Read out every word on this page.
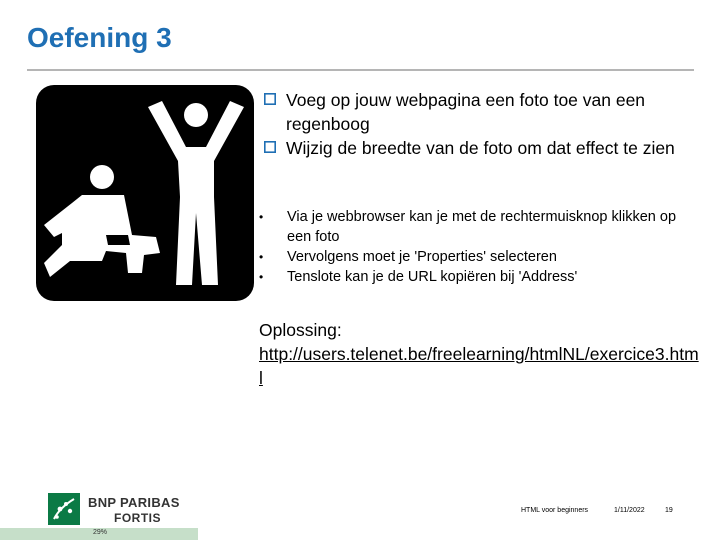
Oefening 3
Voeg op jouw webpagina een foto toe van een regenboog
Wijzig de breedte van de foto om dat effect te zien
• Via je webbrowser kan je met de rechtermuisknop klikken op een foto
• Vervolgens moet je 'Properties' selecteren
• Tenslote kan je de URL kopiëren bij 'Address'
Oplossing:
http://users.telenet.be/freelearning/htmlNL/exercice3.html
BNP PARIBAS
FORTIS
29%
HTML voor beginners	1/11/2022	19
